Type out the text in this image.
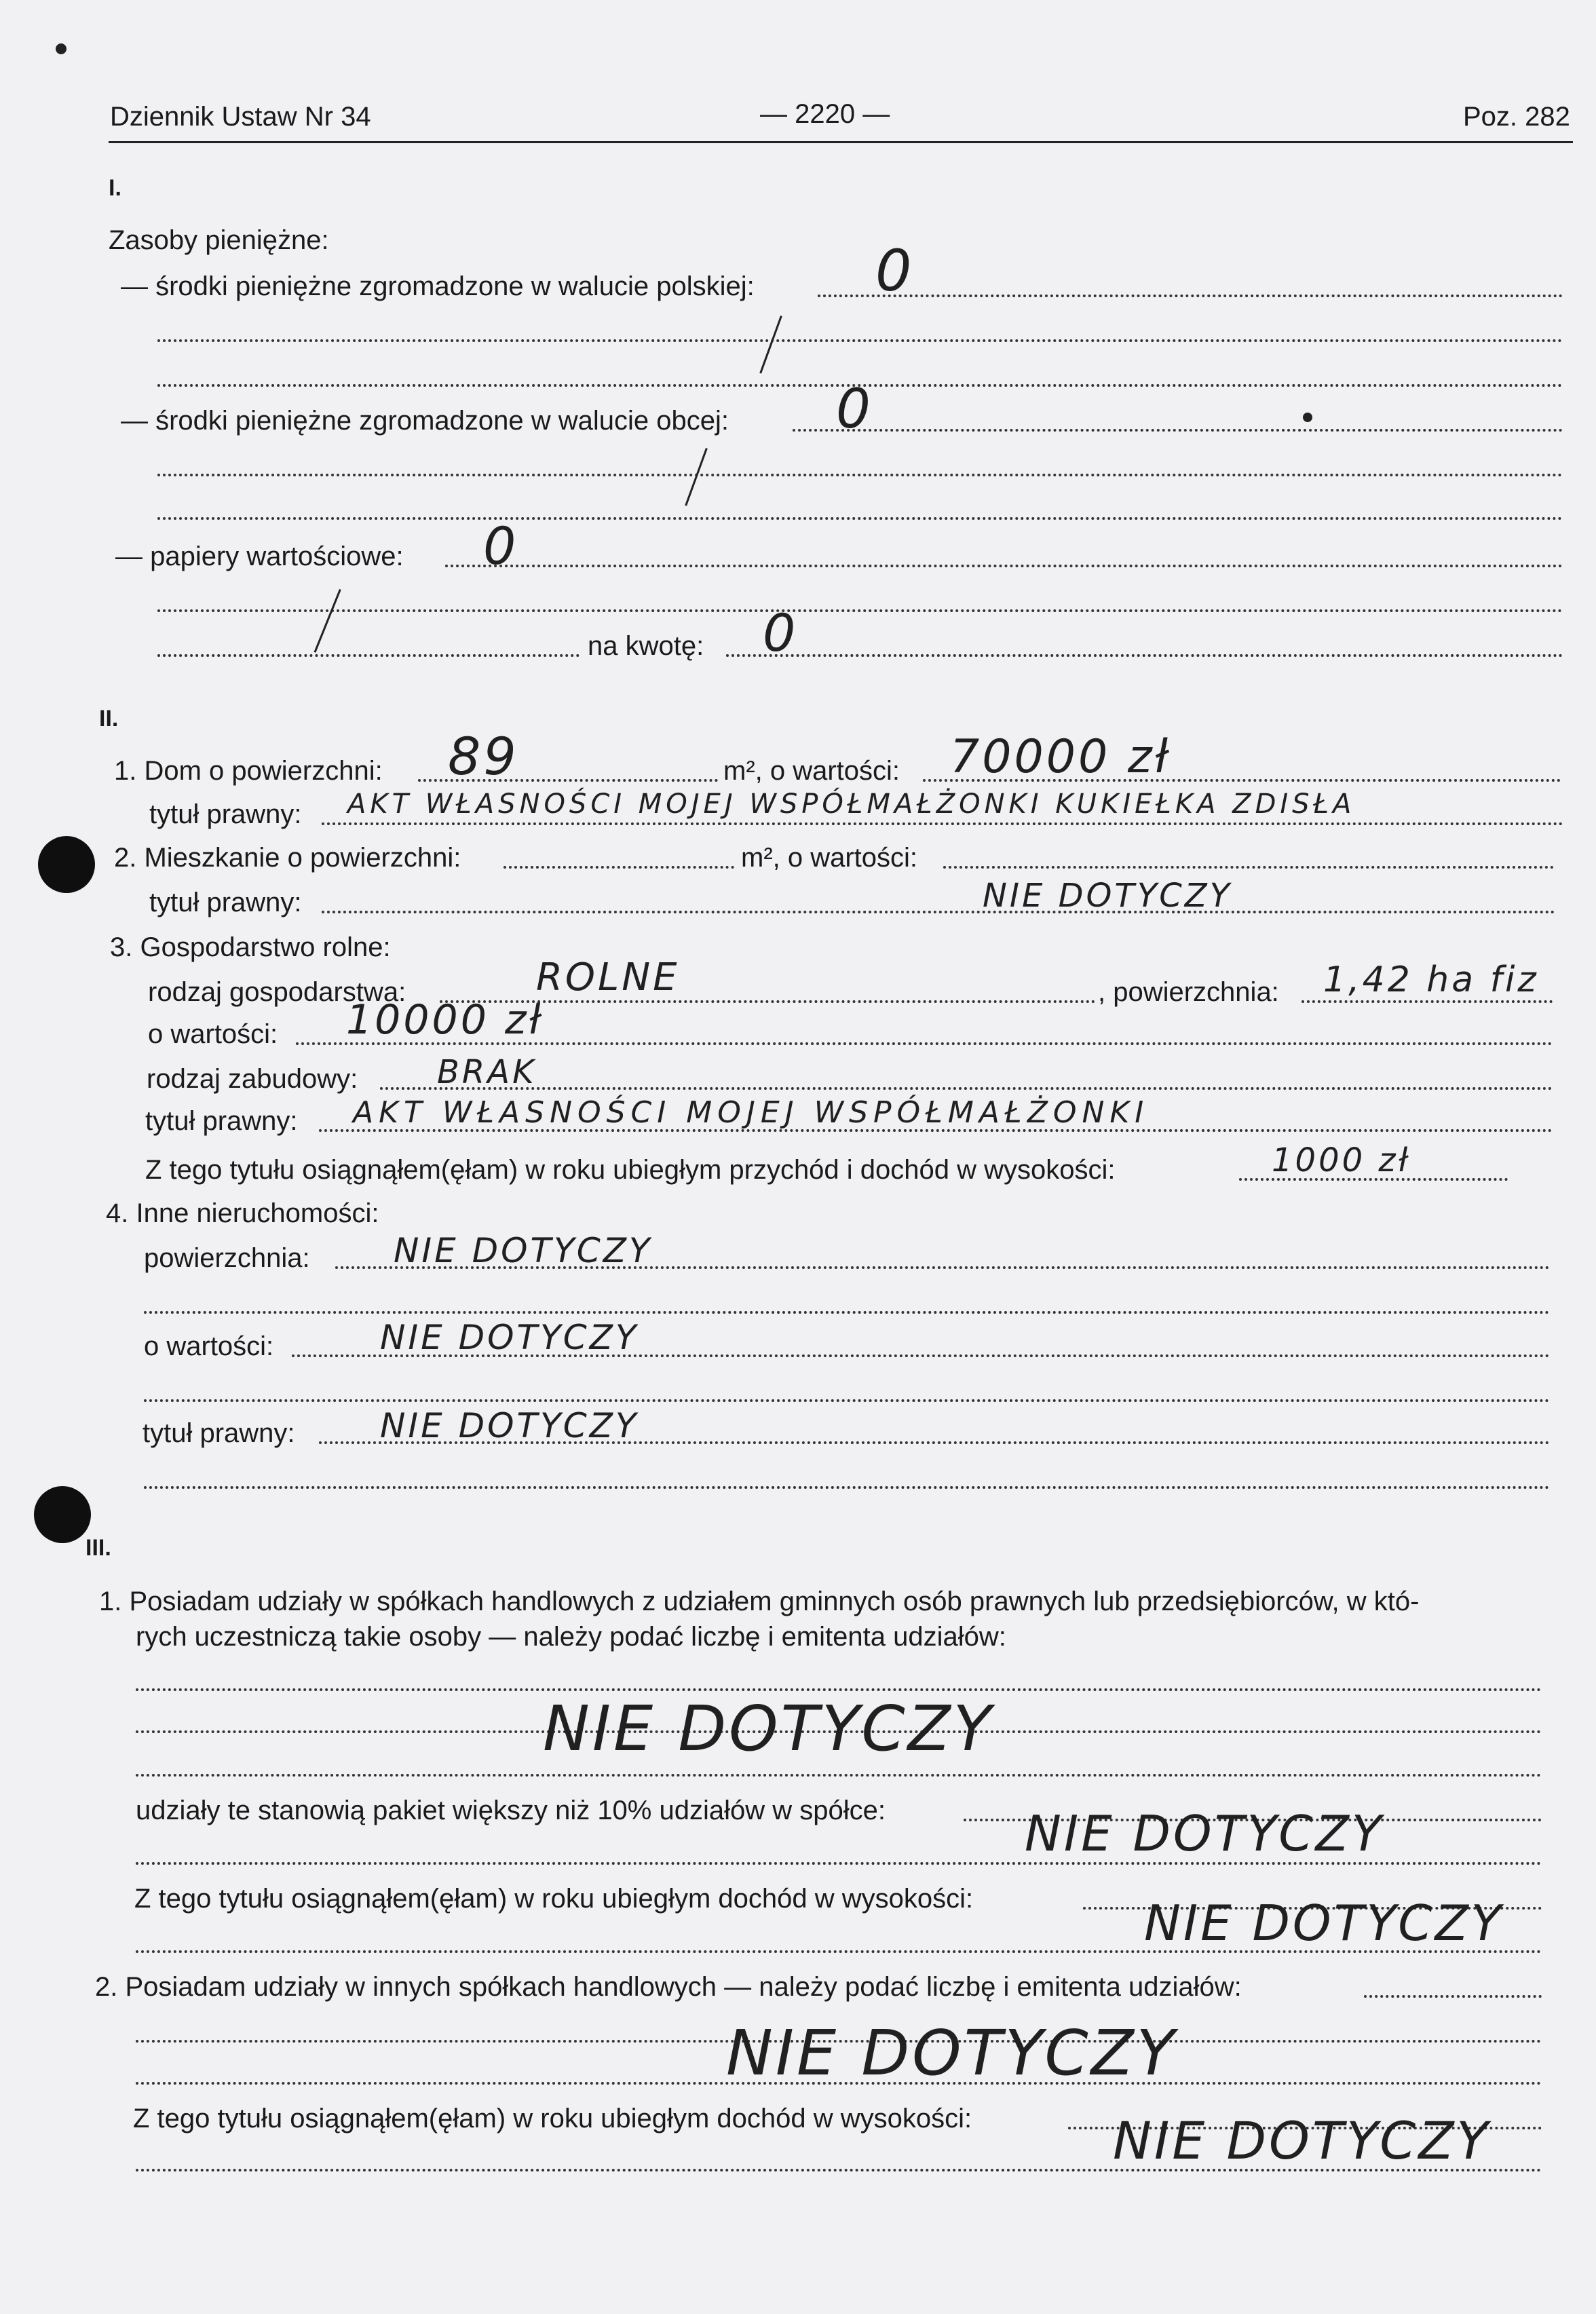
Dziennik Ustaw Nr 34	— 2220 —	Poz. 282
I.
Zasoby pieniężne:
— środki pieniężne zgromadzone w walucie polskiej: 0
— środki pieniężne zgromadzone w walucie obcej: 0
— papiery wartościowe: 0
na kwotę: 0
II.
1. Dom o powierzchni: 89	m², o wartości: 70000 zł
tytuł prawny: AKT WŁASNOŚCI MOJEJ WSPÓŁMAŁŻONKI KUKIEŁKA ZDISŁA
2. Mieszkanie o powierzchni:	m², o wartości:
tytuł prawny:	NIE DOTYCZY
3. Gospodarstwo rolne:
rodzaj gospodarstwa:	ROLNE	, powierzchnia: 1,42 ha fiz
o wartości: 10000 zł
rodzaj zabudowy: BRAK
tytuł prawny: AKT WŁASNOŚCI MOJEJ WSPÓŁMAŁŻONKI
Z tego tytułu osiągnąłem(ęłam) w roku ubiegłym przychód i dochód w wysokości:	1000 zł
4. Inne nieruchomości:
powierzchnia: NIE DOTYCZY
o wartości:	NIE DOTYCZY
tytuł prawny:	NIE DOTYCZY
III.
1. Posiadam udziały w spółkach handlowych z udziałem gminnych osób prawnych lub przedsiębiorców, w któ-
rych uczestniczą takie osoby — należy podać liczbę i emitenta udziałów:
NIE DOTYCZY
udziały te stanowią pakiet większy niż 10% udziałów w spółce:	NIE DOTYCZY
Z tego tytułu osiągnąłem(ęłam) w roku ubiegłym dochód w wysokości:	NIE DOTYCZY
2. Posiadam udziały w innych spółkach handlowych — należy podać liczbę i emitenta udziałów:
NIE DOTYCZY
Z tego tytułu osiągnąłem(ęłam) w roku ubiegłym dochód w wysokości:	NIE DOTYCZY
